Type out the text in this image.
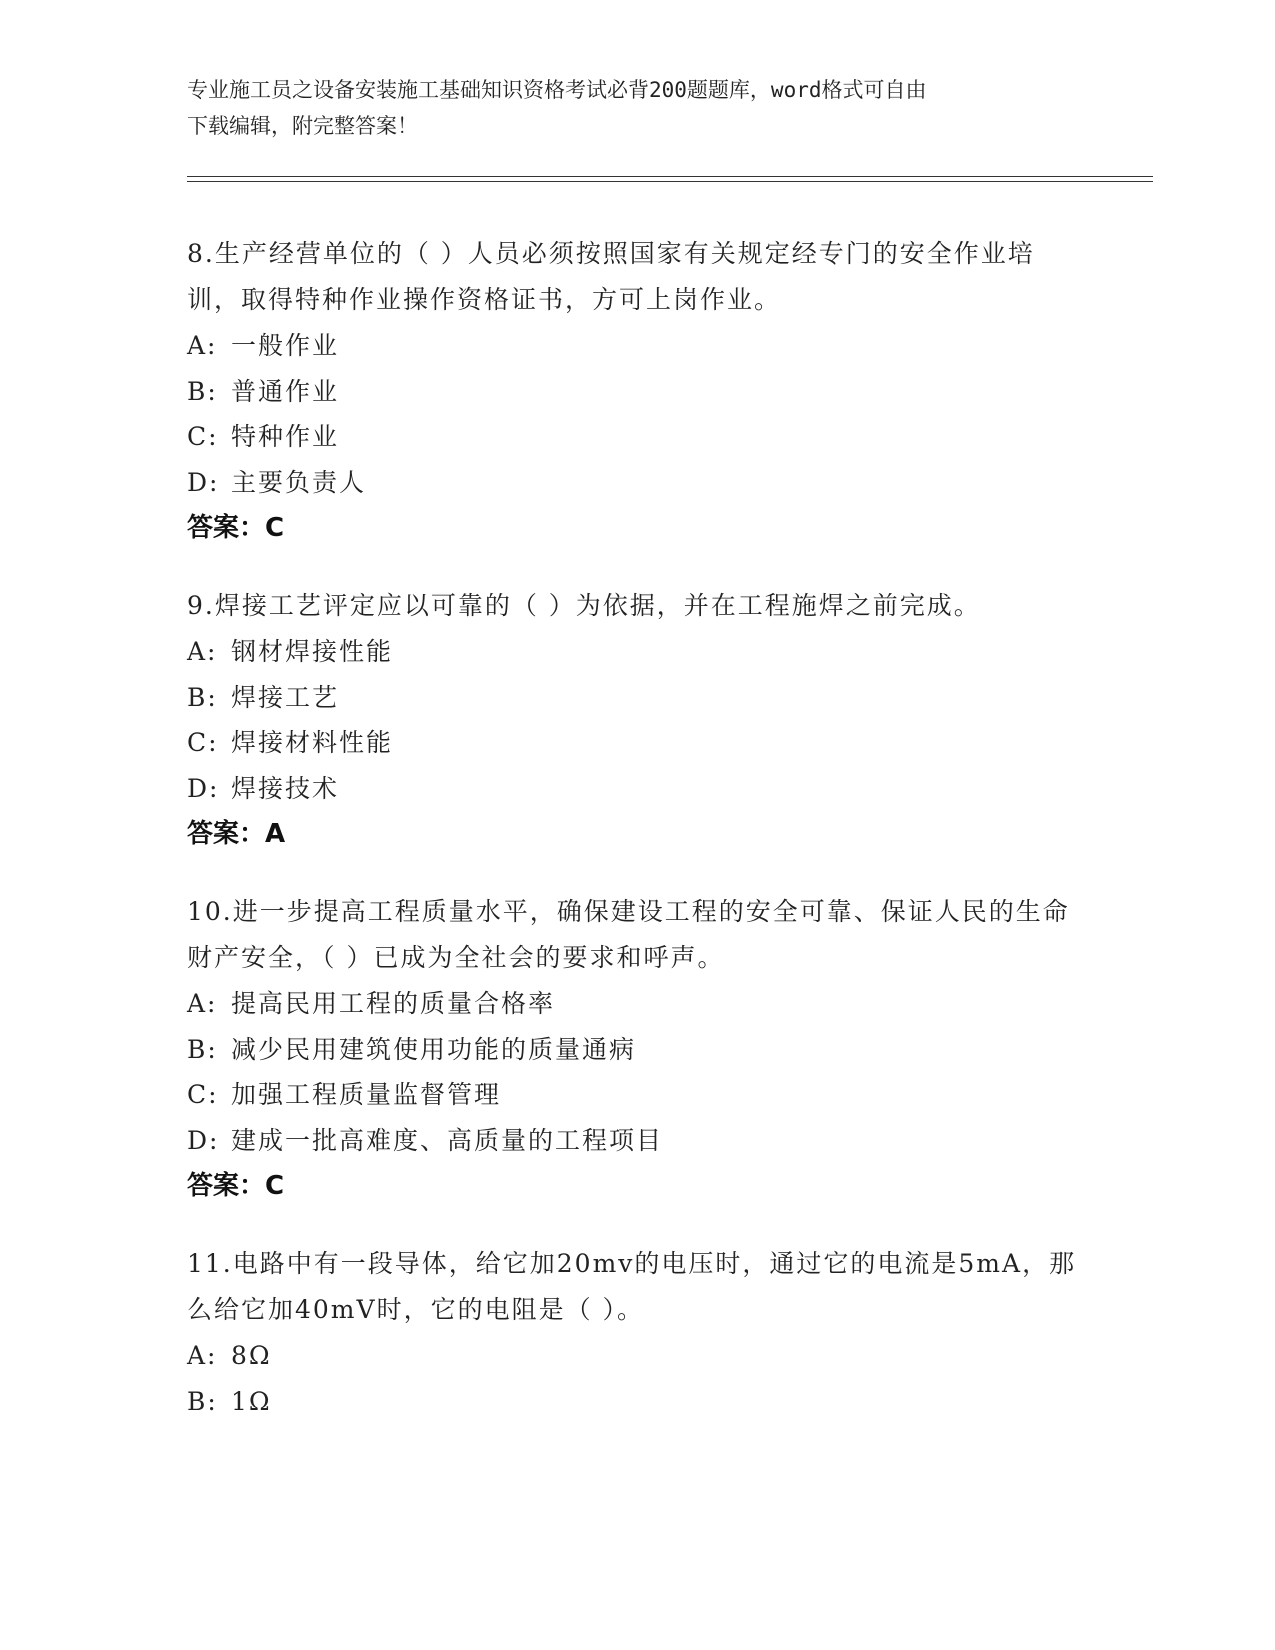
专业施工员之设备安装施工基础知识资格考试必背200题题库，word格式可自由
下载编辑，附完整答案！

8.生产经营单位的（ ）人员必须按照国家有关规定经专门的安全作业培训，取得特种作业操作资格证书，方可上岗作业。

A: 一般作业

B: 普通作业

C: 特种作业

D: 主要负责人

答案：C

9.焊接工艺评定应以可靠的（ ）为依据，并在工程施焊之前完成。

A: 钢材焊接性能

B: 焊接工艺

C: 焊接材料性能

D: 焊接技术

答案：A

10.进一步提高工程质量水平，确保建设工程的安全可靠、保证人民的生命财产安全，（ ）已成为全社会的要求和呼声。

A: 提高民用工程的质量合格率

B: 减少民用建筑使用功能的质量通病

C: 加强工程质量监督管理

D: 建成一批高难度、高质量的工程项目

答案：C

11.电路中有一段导体，给它加20mv的电压时，通过它的电流是5mA，那么给它加40mV时，它的电阻是（ ）。

A: 8Ω

B: 1Ω
